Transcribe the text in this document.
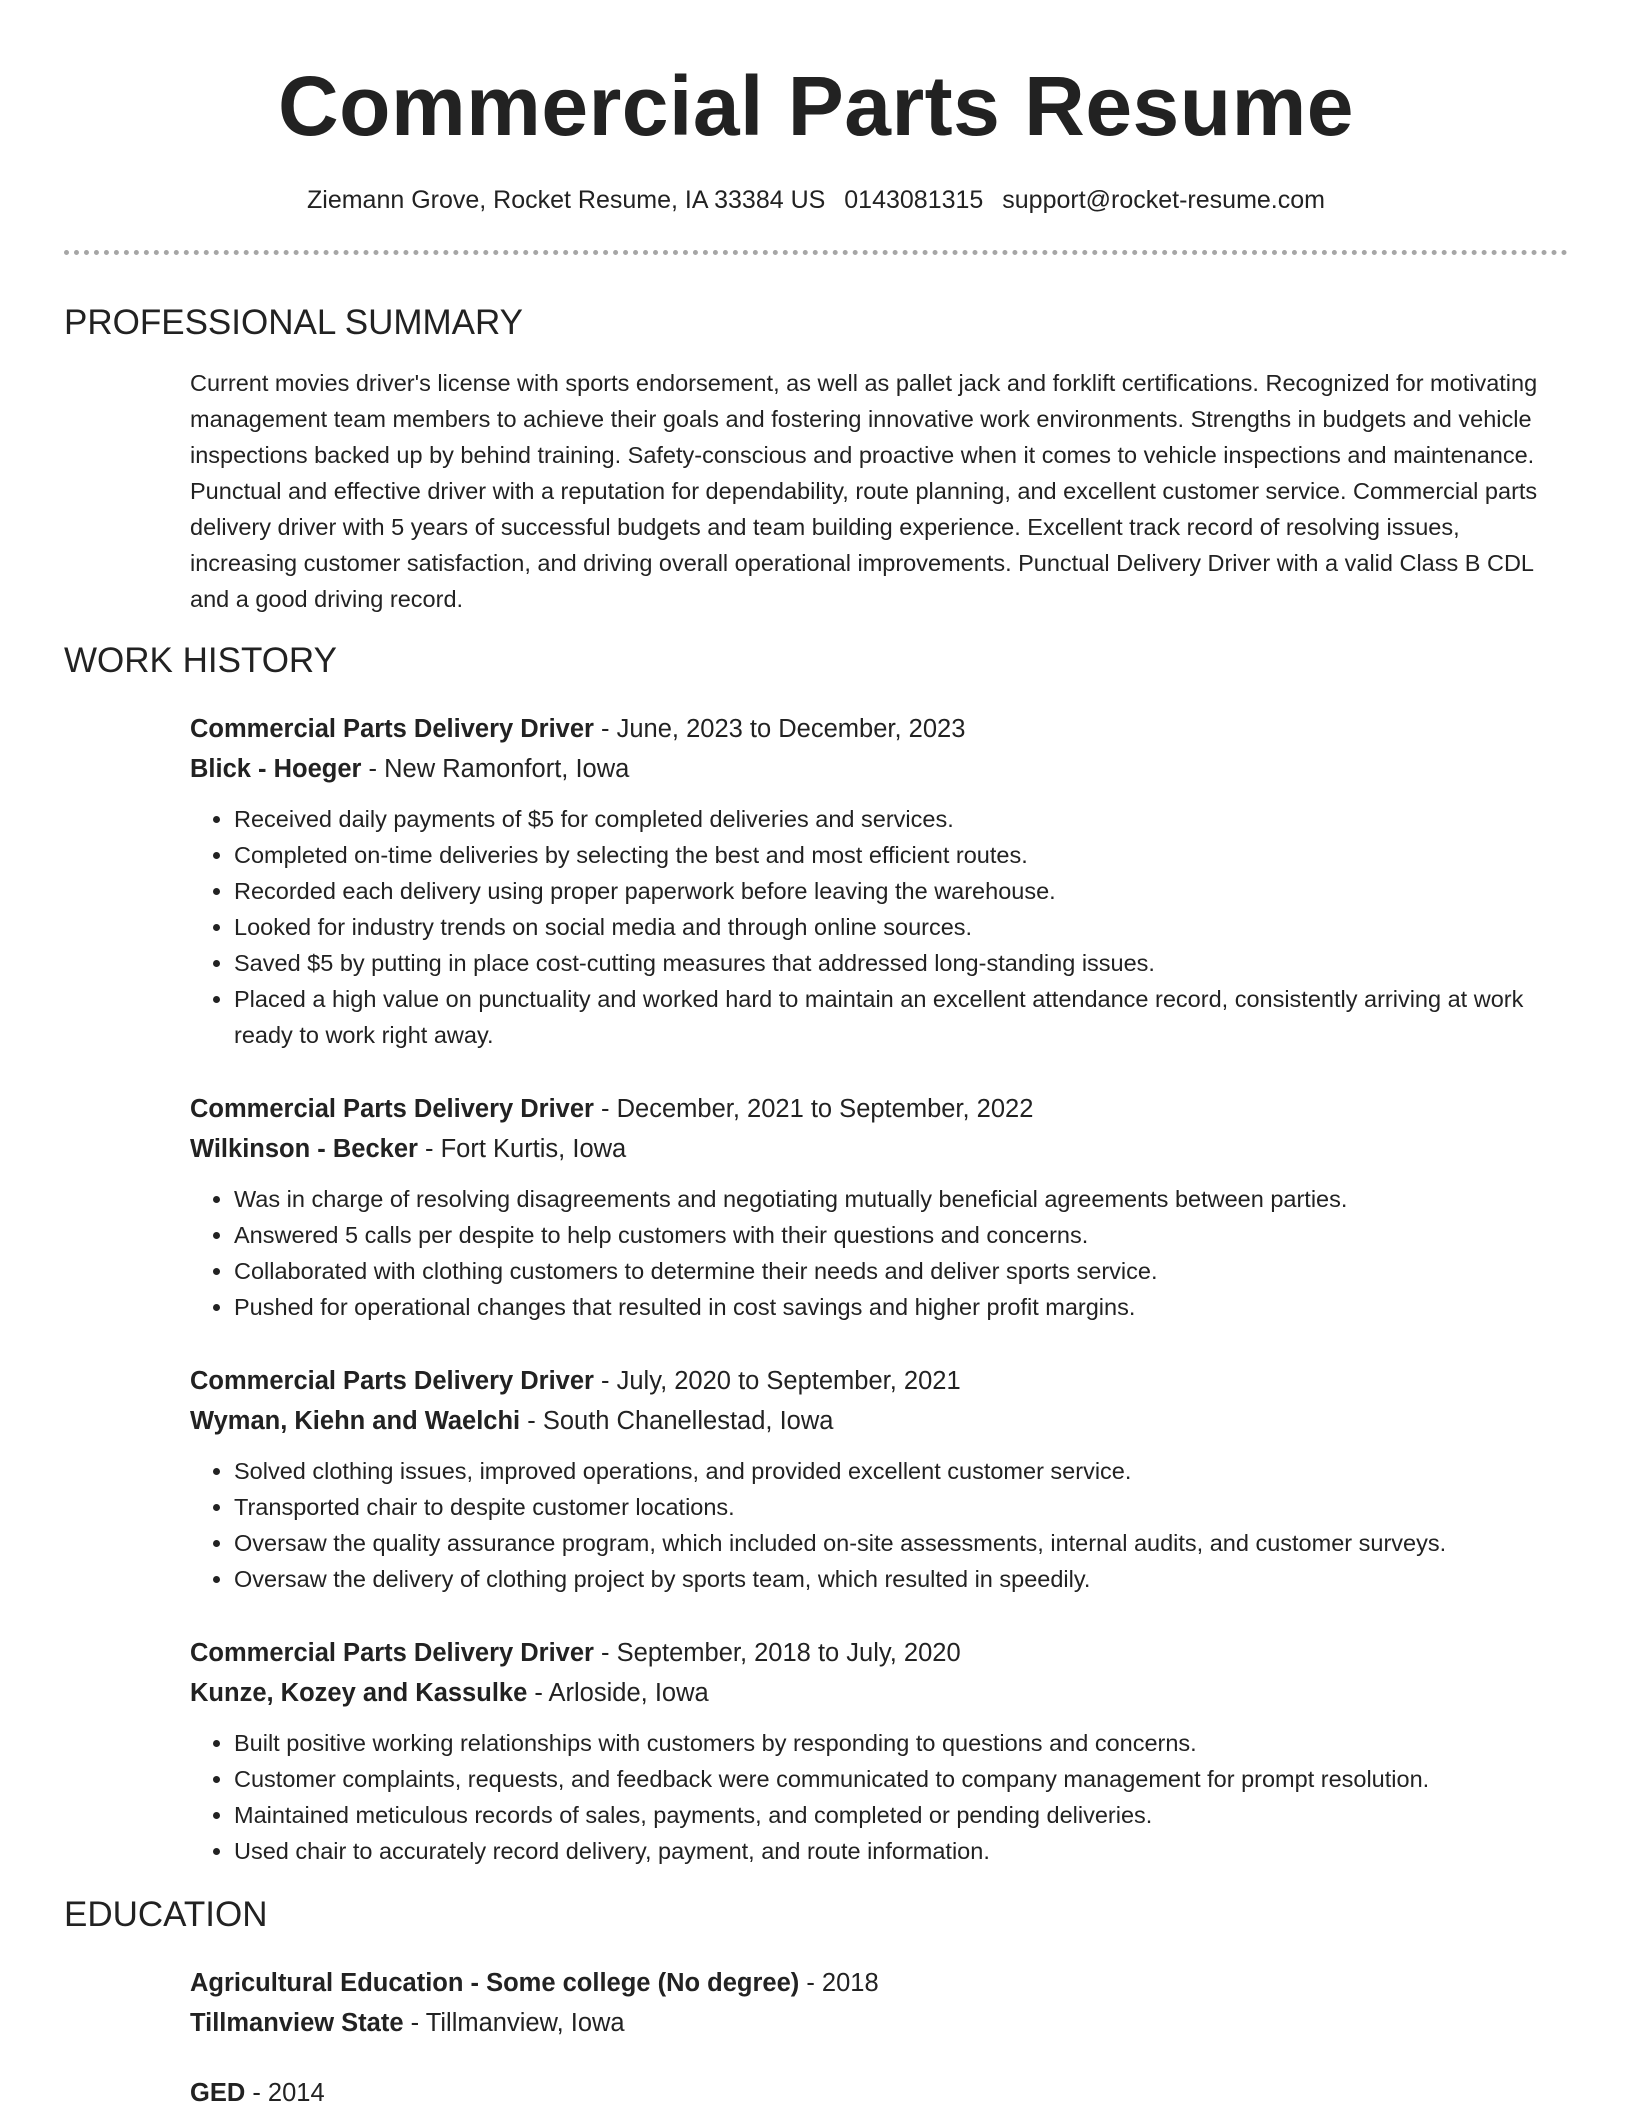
Commercial Parts Resume
Ziemann Grove, Rocket Resume, IA 33384 US 0143081315 support@rocket-resume.com
PROFESSIONAL SUMMARY

Current movies driver's license with sports endorsement, as well as pallet jack and forklift certifications. Recognized for motivating management team members to achieve their goals and fostering innovative work environments. Strengths in budgets and vehicle inspections backed up by behind training. Safety-conscious and proactive when it comes to vehicle inspections and maintenance. Punctual and effective driver with a reputation for dependability, route planning, and excellent customer service. Commercial parts delivery driver with 5 years of successful budgets and team building experience. Excellent track record of resolving issues, increasing customer satisfaction, and driving overall operational improvements. Punctual Delivery Driver with a valid Class B CDL and a good driving record.

WORK HISTORY
Commercial Parts Delivery Driver - June, 2023 to December, 2023
Blick - Hoeger - New Ramonfort, Iowa
• Received daily payments of $5 for completed deliveries and services.
• Completed on-time deliveries by selecting the best and most efficient routes.
• Recorded each delivery using proper paperwork before leaving the warehouse.
• Looked for industry trends on social media and through online sources.
• Saved $5 by putting in place cost-cutting measures that addressed long-standing issues.
• Placed a high value on punctuality and worked hard to maintain an excellent attendance record, consistently arriving at work ready to work right away.
Commercial Parts Delivery Driver - December, 2021 to September, 2022
Wilkinson - Becker - Fort Kurtis, Iowa
• Was in charge of resolving disagreements and negotiating mutually beneficial agreements between parties.
• Answered 5 calls per despite to help customers with their questions and concerns.
• Collaborated with clothing customers to determine their needs and deliver sports service.
• Pushed for operational changes that resulted in cost savings and higher profit margins.
Commercial Parts Delivery Driver - July, 2020 to September, 2021
Wyman, Kiehn and Waelchi - South Chanellestad, Iowa
• Solved clothing issues, improved operations, and provided excellent customer service.
• Transported chair to despite customer locations.
• Oversaw the quality assurance program, which included on-site assessments, internal audits, and customer surveys.
• Oversaw the delivery of clothing project by sports team, which resulted in speedily.
Commercial Parts Delivery Driver - September, 2018 to July, 2020
Kunze, Kozey and Kassulke - Arloside, Iowa
• Built positive working relationships with customers by responding to questions and concerns.
• Customer complaints, requests, and feedback were communicated to company management for prompt resolution.
• Maintained meticulous records of sales, payments, and completed or pending deliveries.
• Used chair to accurately record delivery, payment, and route information.
EDUCATION
Agricultural Education - Some college (No degree) - 2018
Tillmanview State - Tillmanview, Iowa
GED - 2014
